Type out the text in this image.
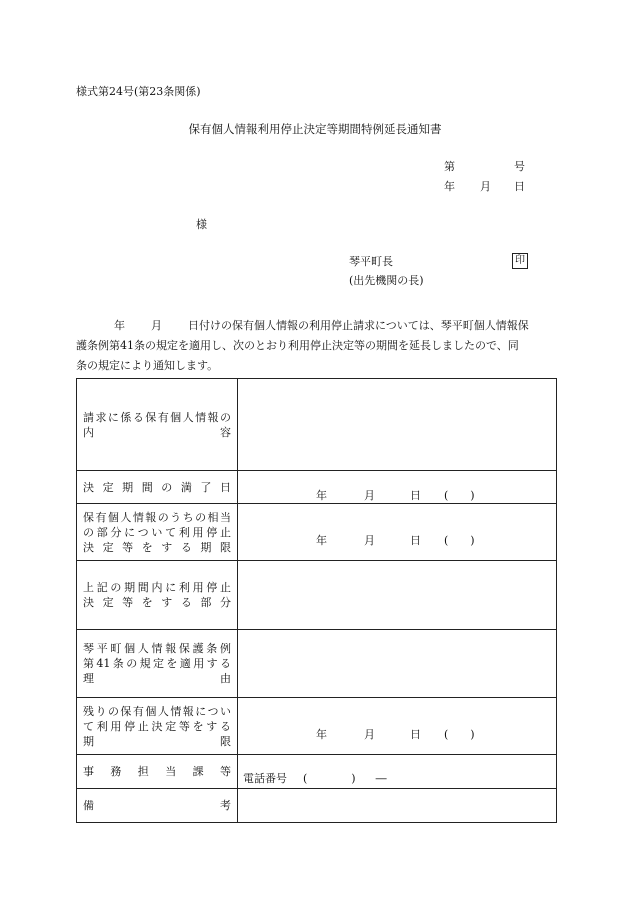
様式第24号(第23条関係)
保有個人情報利用停止決定等期間特例延長通知書
第	号
年 月 日
様
琴平町長
(出先機関の長)
印

年 月 日付けの保有個人情報の利用停止請求については、琴平町個人情報保

護条例第41条の規定を適用し、次のとおり利用停止決定等の期間を延長しましたので、同

条の規定により通知します。

請求に係る保有個人情報の
内 容	

決定期間の満了日	年 月 日 (　　)

保有個人情報のうちの相当
の部分について利用停止
決定等をする期限	年 月 日 (　　)

上記の期間内に利用停止
決定等をする部分	

琴平町個人情報保護条例
第41条の規定を適用する
理 由	

残りの保有個人情報につい
て利用停止決定等をする
期 限	年 月 日 (　　)

事務担当課等	電話番号 ( ) ―

備 考	
